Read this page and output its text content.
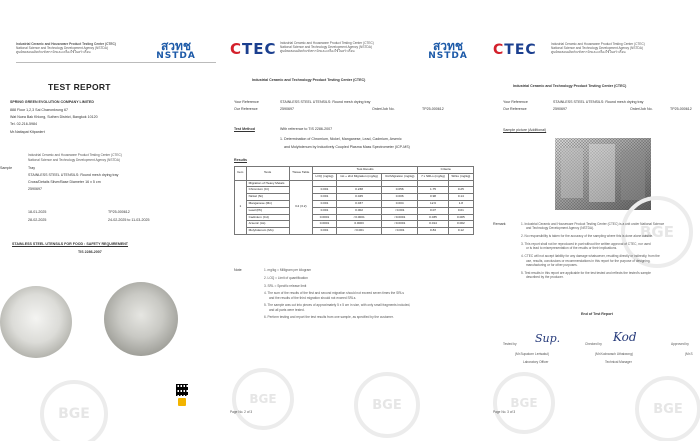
Industrial Ceramic and Houseware Product Testing Center (CTEC)
National Science and Technology Development Agency (NSTDA)
ศูนย์ทดสอบผลิตภัณฑ์เซรามิกและเครื่องใช้ในครัวเรือน	สวทช
NSTDA
TEST REPORT
SPRING GREEN EVOLUTION COMPANY LIMITED
888 Floor 1,2,3 Sai Chaeonkrung 67
Wat Nuea Bak Khlong, Suthen District, Bangkok 10120
Tel. 02-216-5984
Mr.Nattapat Kitpanlert
Industrial Ceramic and Houseware Product Testing Center (CTEC)
National Science and Technology Development Agency (NSTDA)
Sample	Tray
STAINLESS STEEL UTENSILS: Round mesh drying tray
Cross/Details Silver/Base Diameter 16 x 5 cm
2590697
18-01-2025	TP25-000612
28-02-2025	24-02-2025 to 11-03-2025
STAINLESS STEEL UTENSILS FOR FOOD : SAFETY REQUIREMENT
TIS 2286-2007
BGE
CTEC Industrial Ceramic and Houseware Product Testing Center (CTEC)
National Science and Technology Development Agency (NSTDA)
ศูนย์ทดสอบผลิตภัณฑ์เซรามิกและเครื่องใช้ในครัวเรือน	สวทช
NSTDA
Industrial Ceramic and Technology Product Testing Center (CTEC)
Your Reference	STAINLESS STEEL UTENSILS: Round mesh drying tray
Our Reference	2590697	Order/Job No.	TP25-000612
Test Method	With reference to TIS 2286-2007
1. Determination of Chromium, Nickel, Manganese, Lead, Cadmium, Arsenic
and Molybdenum by Inductively Coupled Plasma Mass Spectrometer (ICP-MS)
Results
Item	Tests	Tissue Table	Test Results			Criteria	
			LOQ (mg/kg)	1st + 2nd Migration (mg/kg)	3rd Migration (mg/kg)	7 x SRLs (mg/kg)	SRLs (mg/kg)
1	Migration of Heavy Metals	3.2 (3.2)					
	Chromium (Cr)		0.001	0.238	0.056	1.75	0.25
	Nickel (Ni)		0.001	0.045	0.006	0.98	0.14
	Manganese (Mn)		0.001	0.037	0.004	12.6	1.8
	Lead (Pb)		0.001	0.002	<0.001	0.07	0.01
	Cadmium (Cd)		0.0001	<0.0001	<0.0001	0.035	0.005
	Arsenic (As)		0.0001	0.0003	<0.0001	0.014	0.002
	Molybdenum (Mo)		0.001	<0.001	<0.001	0.84	0.12
Note	1. mg/kg = Milligram per kilogram
2. LOQ = Limit of quantification
3. SRL = Specific release limit
4. The sum of the results of the first and second migration should not exceed seven times the SRLs
and the results of the third migration should not exceed SRLs.
5. The sample was cut into pieces of approximately 5 x 5 cm in size, with only small fragments included,
and all parts were tested.
6. Perform testing and report the test results from one sample, as specified by the customer.
BGE	BGE
Page No. 2 of 3
CTEC	Industrial Ceramic and Houseware Product Testing Center (CTEC)
National Science and Technology Development Agency (NSTDA)
ศูนย์ทดสอบผลิตภัณฑ์เซรามิกและเครื่องใช้ในครัวเรือน
Your Reference	STAINLESS STEEL UTENSILS: Round mesh drying tray
Our Reference	2590697	Order/Job No.	TP25-000612
Industrial Ceramic and Technology Product Testing Center (CTEC)
Sample picture (Additional)
BGE
Remark	1. Industrial Ceramic and Houseware Product Testing Center (CTEC) is a unit under National Science
and Technology Development Agency (NSTDA).
2. No responsibility is taken for the accuracy of the sampling where this is done alone outside.
3. This report shall not be reproduced in part without the written approval of CTEC, nor used
or is lead to misrepresentation of the results or their implications.
4. CTEC will not accept liability for any damage whatsoever, resulting directly or indirectly, from the
use, results, conclusions or recommendations in this report for the purpose of designing,
manufacturing or for other purposes.
5. Test results in this report are applicable for the test tested and reflects the tested's sample
described by the producer.
End of Test Report
Tested by Sup.
(Mr.Supakorn Lertsakul)
Laboratory Officer
Checked by Kod
(Mr.Kodnarach Uthaiwong)
Technical Manager
Approved by
(Mr.S
BGE	BGE
Page No. 3 of 3
